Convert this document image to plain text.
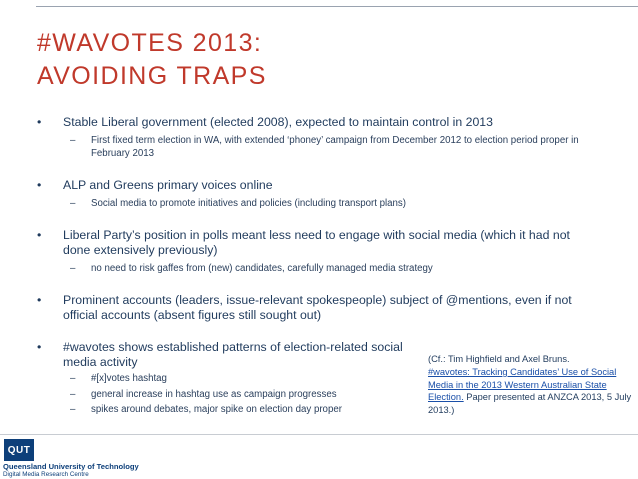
#WAVOTES 2013:
AVOIDING TRAPS
• Stable Liberal government (elected 2008), expected to maintain control in 2013
– First fixed term election in WA, with extended ‘phoney’ campaign from December 2012 to election period proper in February 2013
• ALP and Greens primary voices online
– Social media to promote initiatives and policies (including transport plans)
• Liberal Party’s position in polls meant less need to engage with social media (which it had not done extensively previously)
– no need to risk gaffes from (new) candidates, carefully managed media strategy
• Prominent accounts (leaders, issue-relevant spokespeople) subject of @mentions, even if not official accounts (absent figures still sought out)
• #wavotes shows established patterns of election-related social media activity
– #[x]votes hashtag
– general increase in hashtag use as campaign progresses
– spikes around debates, major spike on election day proper
(Cf.: Tim Highfield and Axel Bruns.
#wavotes: Tracking Candidates’ Use of Social Media in the 2013 Western Australian State Election. Paper presented at ANZCA 2013, 5 July 2013.)
QUT
Queensland University of Technology
Digital Media Research Centre
